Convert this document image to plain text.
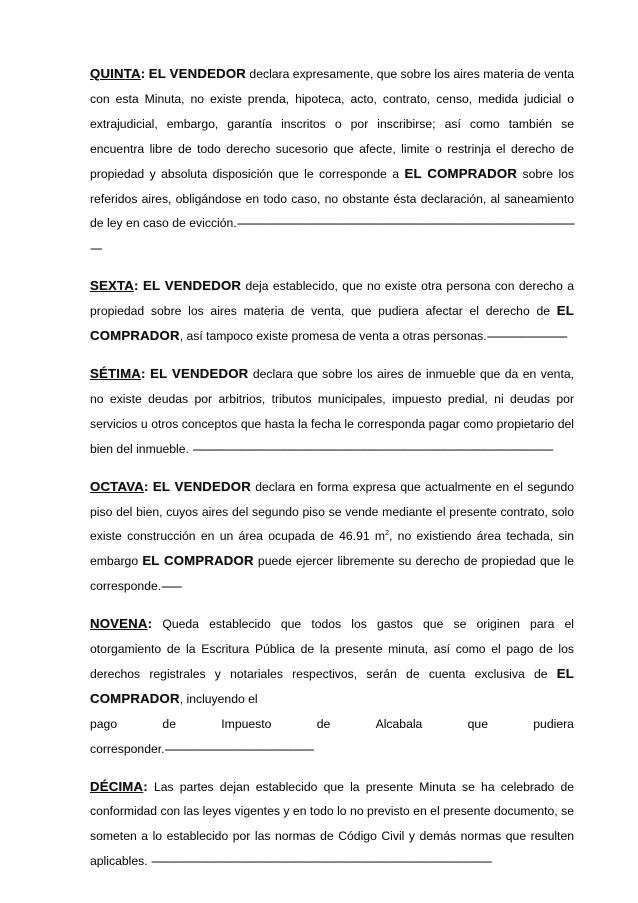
QUINTA: EL VENDEDOR declara expresamente, que sobre los aires materia de venta con esta Minuta, no existe prenda, hipoteca, acto, contrato, censo, medida judicial o extrajudicial, embargo, garantía inscritos o por inscribirse; así como también se encuentra libre de todo derecho sucesorio que afecte, limite o restrinja el derecho de propiedad y absoluta disposición que le corresponde a EL COMPRADOR sobre los referidos aires, obligándose en todo caso, no obstante ésta declaración, al saneamiento de ley en caso de evicción.--------------------------------------------------------------------------------------------------------------------------

SEXTA: EL VENDEDOR deja establecido, que no existe otra persona con derecho a propiedad sobre los aires materia de venta, que pudiera afectar el derecho de EL COMPRADOR, así tampoco existe promesa de venta a otras personas.----------------------------

SÉTIMA: EL VENDEDOR declara que sobre los aires de inmueble que da en venta, no existe deudas por arbitrios, tributos municipales, impuesto predial, ni deudas por servicios u otros conceptos que hasta la fecha le corresponda pagar como propietario del bien del inmueble. ------------------------------------------------------------------------------------------------------------------------------

OCTAVA: EL VENDEDOR declara en forma expresa que actualmente en el segundo piso del bien, cuyos aires del segundo piso se vende mediante el presente contrato, solo existe construcción en un área ocupada de 46.91 $m^2$, no existiendo área techada, sin embargo EL COMPRADOR puede ejercer libremente su derecho de propiedad que le corresponde.-------

NOVENA: Queda establecido que todos los gastos que se originen para el otorgamiento de la Escritura Pública de la presente minuta, así como el pago de los derechos registrales y notariales respectivos, serán de cuenta exclusiva de EL COMPRADOR, incluyendo el
pago	de	Impuesto	de	Alcabala	que	pudiera
corresponder.----------------------------------------------------

DÉCIMA: Las partes dejan establecido que la presente Minuta se ha celebrado de conformidad con las leyes vigentes y en todo lo no previsto en el presente documento, se someten a lo establecido por las normas de Código Civil y demás normas que resulten aplicables. -----------------------------------------------------------------------------------------------------------------------
